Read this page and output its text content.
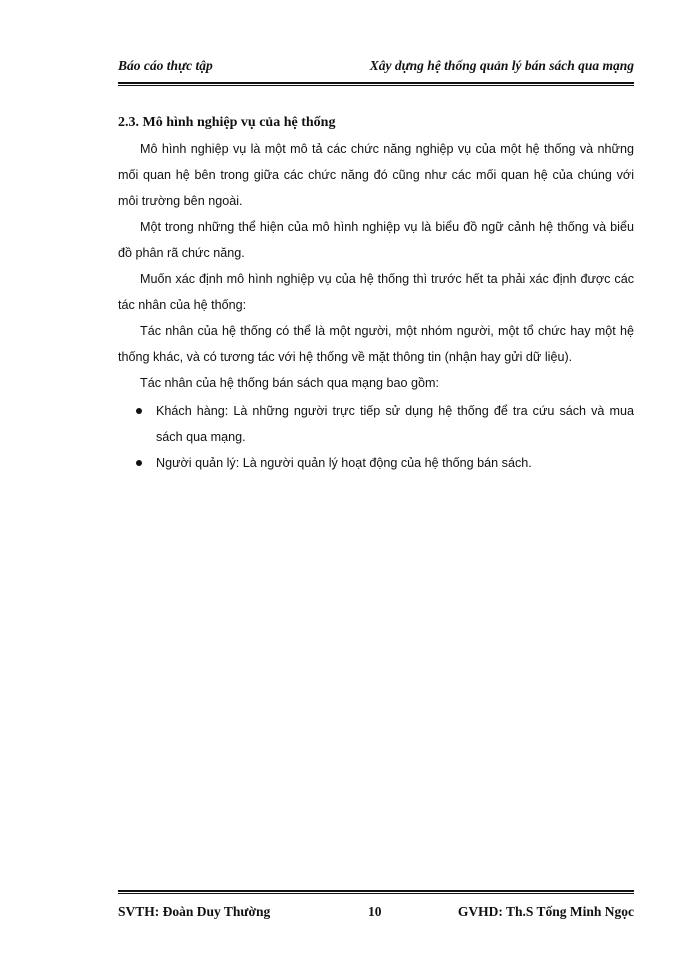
Báo cáo thực tập	Xây dựng hệ thống quản lý bán sách qua mạng

2.3. Mô hình nghiệp vụ của hệ thống

Mô hình nghiệp vụ là một mô tả các chức năng nghiệp vụ của một hệ thống và những mối quan hệ bên trong giữa các chức năng đó cũng như các mối quan hệ của chúng với môi trường bên ngoài.

Một trong những thể hiện của mô hình nghiệp vụ là biểu đồ ngữ cảnh hệ thống và biểu đồ phân rã chức năng.

Muốn xác định mô hình nghiệp vụ của hệ thống thì trước hết ta phải xác định được các tác nhân của hệ thống:

Tác nhân của hệ thống có thể là một người, một nhóm người, một tổ chức hay một hệ thống khác, và có tương tác với hệ thống về mặt thông tin (nhận hay gửi dữ liệu).

Tác nhân của hệ thống bán sách qua mạng bao gồm:

Khách hàng: Là những người trực tiếp sử dụng hệ thống để tra cứu sách và mua sách qua mạng.
Người quản lý: Là người quản lý hoạt động của hệ thống bán sách.
SVTH: Đoàn Duy Thường	10	GVHD: Th.S Tống Minh Ngọc
